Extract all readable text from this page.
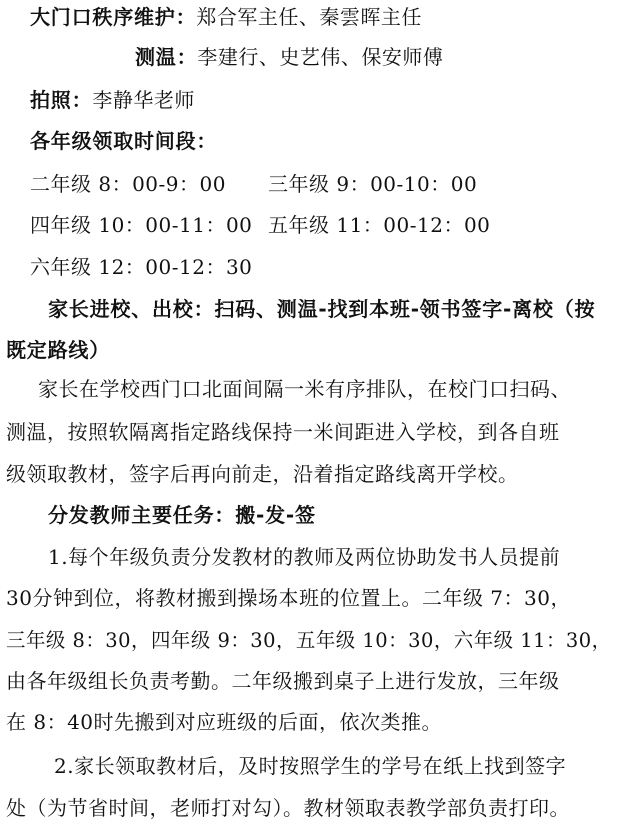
大门口秩序维护：郑合军主任、秦雲晖主任
测温：李建行、史艺伟、保安师傅
拍照：李静华老师
各年级领取时间段：
二年级 8：00-9：00 三年级 9：00-10：00
四年级 10：00-11：00 五年级 11：00-12：00
六年级 12：00-12：30
家长进校、出校：扫码、测温-找到本班-领书签字-离校（按
既定路线）
家长在学校西门口北面间隔一米有序排队，在校门口扫码、
测温，按照软隔离指定路线保持一米间距进入学校，到各自班
级领取教材，签字后再向前走，沿着指定路线离开学校。
分发教师主要任务：搬-发-签
1.每个年级负责分发教材的教师及两位协助发书人员提前
30分钟到位，将教材搬到操场本班的位置上。二年级 7：30，
三年级 8：30，四年级 9：30，五年级 10：30，六年级 11：30，
由各年级组长负责考勤。二年级搬到桌子上进行发放，三年级
在 8：40时先搬到对应班级的后面，依次类推。
2.家长领取教材后，及时按照学生的学号在纸上找到签字
处（为节省时间，老师打对勾）。教材领取表教学部负责打印。
